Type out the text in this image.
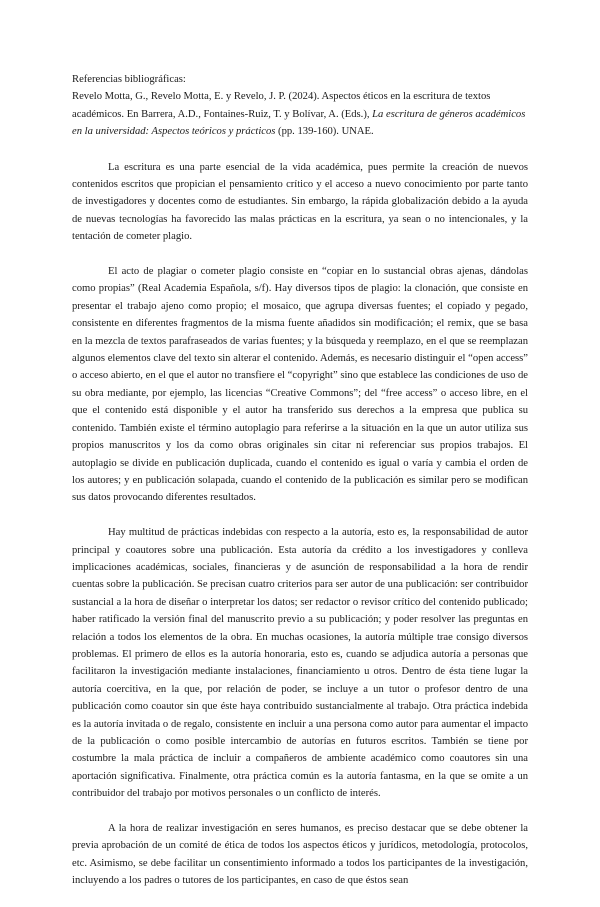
Referencias bibliográficas:
Revelo Motta, G., Revelo Motta, E. y Revelo, J. P. (2024). Aspectos éticos en la escritura de textos académicos. En Barrera, A.D., Fontaines-Ruiz, T. y Bolívar, A. (Eds.), La escritura de géneros académicos en la universidad: Aspectos teóricos y prácticos (pp. 139-160). UNAE.

La escritura es una parte esencial de la vida académica, pues permite la creación de nuevos contenidos escritos que propician el pensamiento crítico y el acceso a nuevo conocimiento por parte tanto de investigadores y docentes como de estudiantes. Sin embargo, la rápida globalización debido a la ayuda de nuevas tecnologías ha favorecido las malas prácticas en la escritura, ya sean o no intencionales, y la tentación de cometer plagio.

El acto de plagiar o cometer plagio consiste en “copiar en lo sustancial obras ajenas, dándolas como propias” (Real Academia Española, s/f). Hay diversos tipos de plagio: la clonación, que consiste en presentar el trabajo ajeno como propio; el mosaico, que agrupa diversas fuentes; el copiado y pegado, consistente en diferentes fragmentos de la misma fuente añadidos sin modificación; el remix, que se basa en la mezcla de textos parafraseados de varias fuentes; y la búsqueda y reemplazo, en el que se reemplazan algunos elementos clave del texto sin alterar el contenido. Además, es necesario distinguir el “open access” o acceso abierto, en el que el autor no transfiere el “copyright” sino que establece las condiciones de uso de su obra mediante, por ejemplo, las licencias “Creative Commons”; del “free access” o acceso libre, en el que el contenido está disponible y el autor ha transferido sus derechos a la empresa que publica su contenido. También existe el término autoplagio para referirse a la situación en la que un autor utiliza sus propios manuscritos y los da como obras originales sin citar ni referenciar sus propios trabajos. El autoplagio se divide en publicación duplicada, cuando el contenido es igual o varía y cambia el orden de los autores; y en publicación solapada, cuando el contenido de la publicación es similar pero se modifican sus datos provocando diferentes resultados.

Hay multitud de prácticas indebidas con respecto a la autoría, esto es, la responsabilidad de autor principal y coautores sobre una publicación. Esta autoría da crédito a los investigadores y conlleva implicaciones académicas, sociales, financieras y de asunción de responsabilidad a la hora de rendir cuentas sobre la publicación. Se precisan cuatro criterios para ser autor de una publicación: ser contribuidor sustancial a la hora de diseñar o interpretar los datos; ser redactor o revisor crítico del contenido publicado; haber ratificado la versión final del manuscrito previo a su publicación; y poder resolver las preguntas en relación a todos los elementos de la obra. En muchas ocasiones, la autoría múltiple trae consigo diversos problemas. El primero de ellos es la autoría honoraria, esto es, cuando se adjudica autoría a personas que facilitaron la investigación mediante instalaciones, financiamiento u otros. Dentro de ésta tiene lugar la autoría coercitiva, en la que, por relación de poder, se incluye a un tutor o profesor dentro de una publicación como coautor sin que éste haya contribuido sustancialmente al trabajo. Otra práctica indebida es la autoría invitada o de regalo, consistente en incluir a una persona como autor para aumentar el impacto de la publicación o como posible intercambio de autorías en futuros escritos. También se tiene por costumbre la mala práctica de incluir a compañeros de ambiente académico como coautores sin una aportación significativa. Finalmente, otra práctica común es la autoría fantasma, en la que se omite a un contribuidor del trabajo por motivos personales o un conflicto de interés.

A la hora de realizar investigación en seres humanos, es preciso destacar que se debe obtener la previa aprobación de un comité de ética de todos los aspectos éticos y jurídicos, metodología, protocolos, etc. Asimismo, se debe facilitar un consentimiento informado a todos los participantes de la investigación, incluyendo a los padres o tutores de los participantes, en caso de que éstos sean
